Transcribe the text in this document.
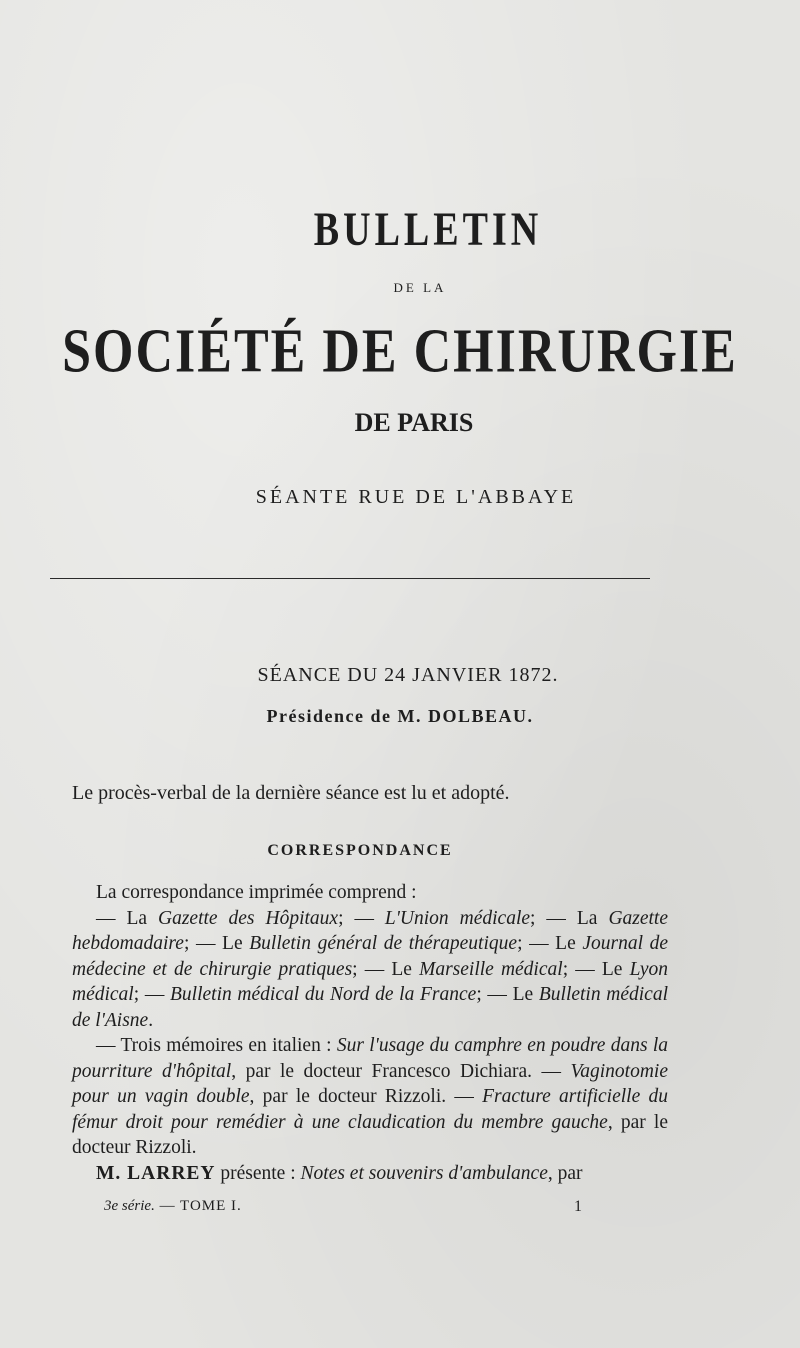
BULLETIN
DE LA
SOCIÉTÉ DE CHIRURGIE
DE PARIS
SÉANTE RUE DE L'ABBAYE
SÉANCE DU 24 JANVIER 1872.
Présidence de M. DOLBEAU.
Le procès-verbal de la dernière séance est lu et adopté.
CORRESPONDANCE
La correspondance imprimée comprend :
— La Gazette des Hôpitaux; — L'Union médicale; — La Gazette hebdomadaire; — Le Bulletin général de thérapeutique; — Le Journal de médecine et de chirurgie pratiques; — Le Marseille médical; — Le Lyon médical; — Bulletin médical du Nord de la France; — Le Bulletin médical de l'Aisne.
— Trois mémoires en italien : Sur l'usage du camphre en poudre dans la pourriture d'hôpital, par le docteur Francesco Dichiara. — Vaginotomie pour un vagin double, par le docteur Rizzoli. — Fracture artificielle du fémur droit pour remédier à une claudication du membre gauche, par le docteur Rizzoli.
M. LARREY présente : Notes et souvenirs d'ambulance, par
3e série. — TOME I.	1
